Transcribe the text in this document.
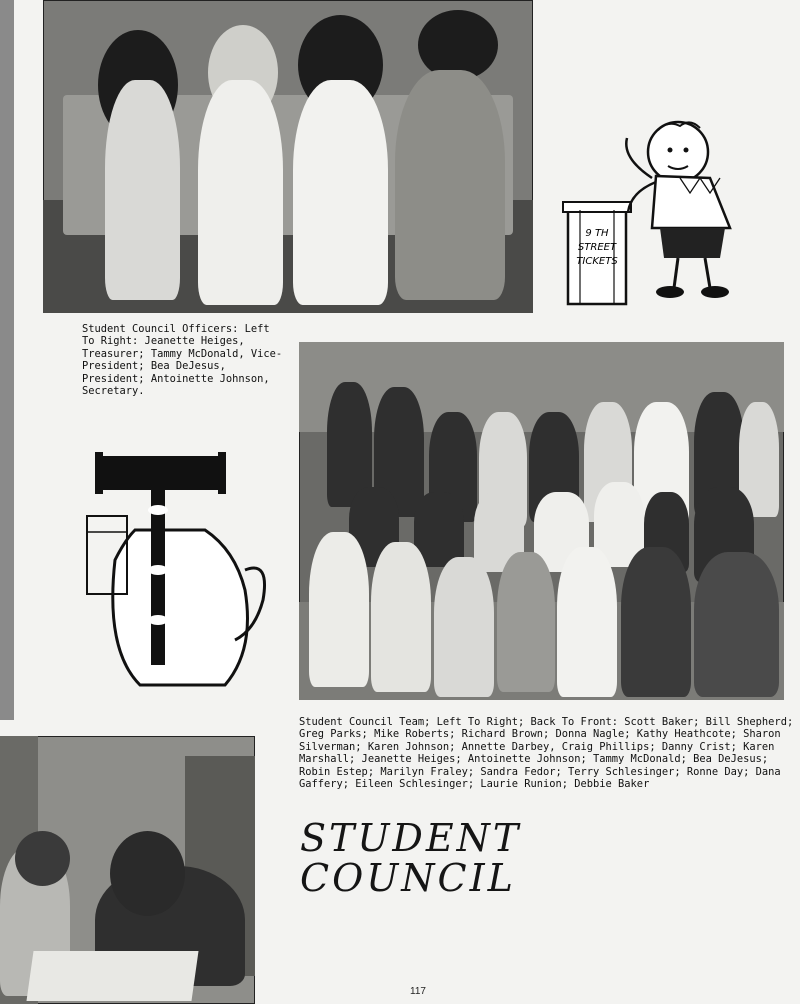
9 TH
STREET
TICKETS
Student Council Officers: Left To Right: Jeanette Heiges, Treasurer; Tammy McDonald, Vice-President; Bea DeJesus, President; Antoinette Johnson, Secretary.
Student Council Team; Left To Right; Back To Front: Scott Baker; Bill Shepherd; Greg Parks; Mike Roberts; Richard Brown; Donna Nagle; Kathy Heathcote; Sharon Silverman; Karen Johnson; Annette Darbey, Craig Phillips; Danny Crist; Karen Marshall; Jeanette Heiges; Antoinette Johnson; Tammy McDonald; Bea DeJesus; Robin Estep; Marilyn Fraley; Sandra Fedor; Terry Schlesinger; Ronne Day; Dana Gaffery; Eileen Schlesinger; Laurie Runion; Debbie Baker
STUDENT
COUNCIL
117
